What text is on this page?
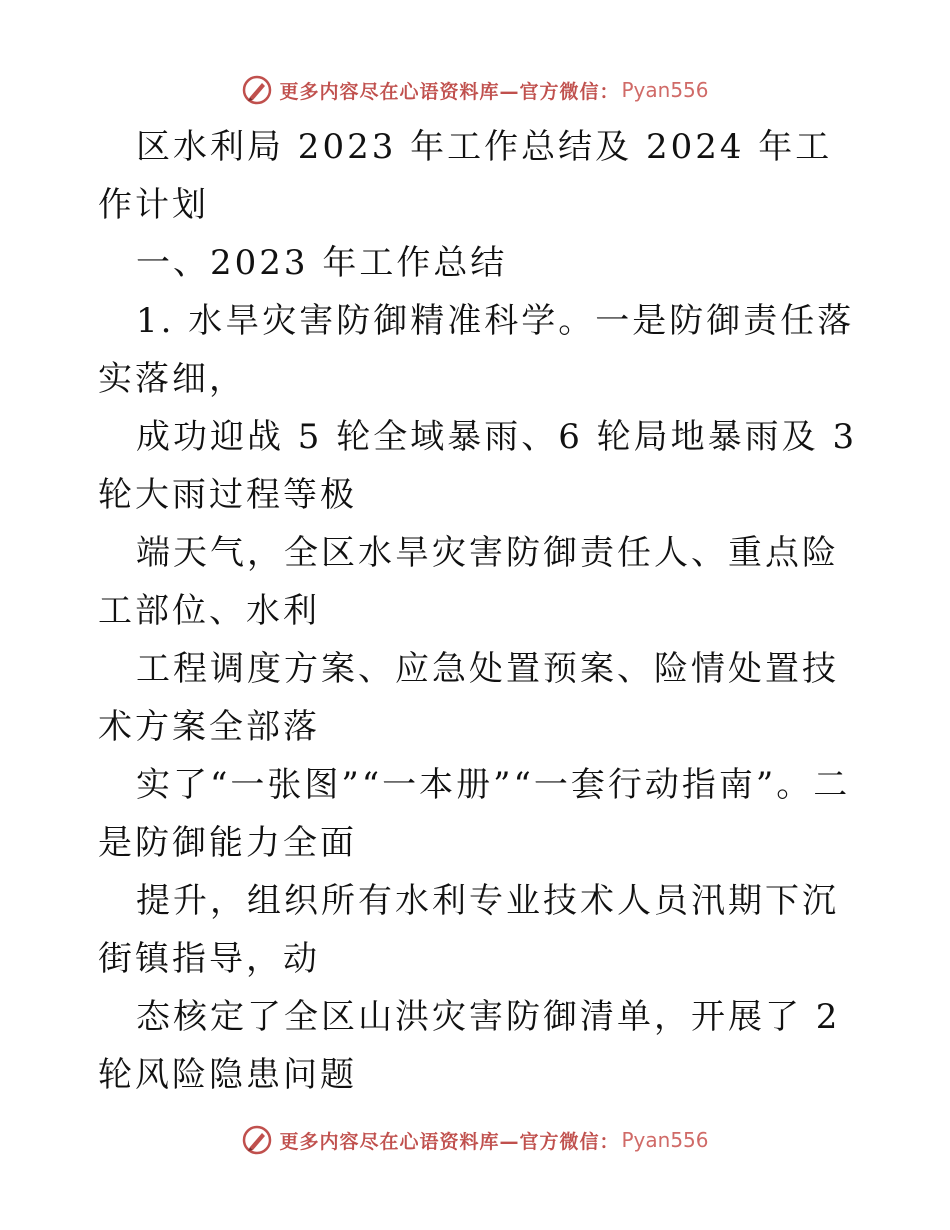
更多内容尽在心语资料库 —官方微信： Pyan556

区水利局 2023 年工作总结及 2024 年工作计划

一、2023 年工作总结

1. 水旱灾害防御精准科学。一是防御责任落实落细，

成功迎战 5 轮全域暴雨、6 轮局地暴雨及 3 轮大雨过程等极

端天气，全区水旱灾害防御责任人、重点险工部位、水利

工程调度方案、应急处置预案、险情处置技术方案全部落

实了“一张图”“一本册”“一套行动指南”。二是防御能力全面

提升，组织所有水利专业技术人员汛期下沉街镇指导，动

态核定了全区山洪灾害防御清单，开展了 2 轮风险隐患问题

更多内容尽在心语资料库 —官方微信： Pyan556
